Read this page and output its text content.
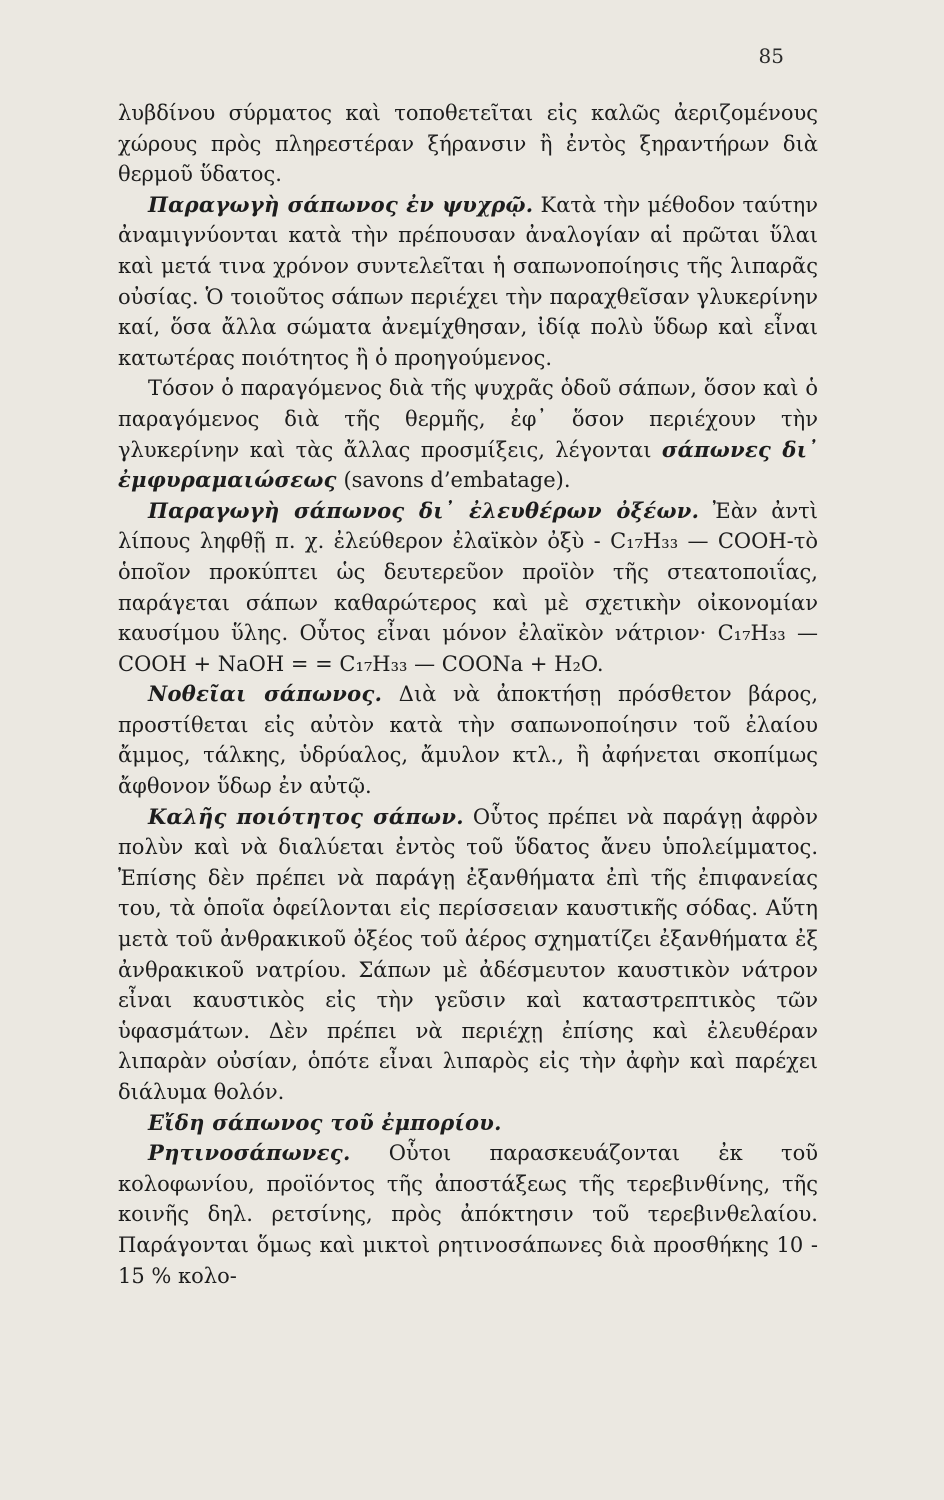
85

λυβδίνου σύρματος καὶ τοποθετεῖται εἰς καλῶς ἀεριζομένους χώρους πρὸς πληρεστέραν ξήρανσιν ἢ ἐντὸς ξηραντήρων διὰ θερμοῦ ὕδατος.

Παραγωγὴ σάπωνος ἐν ψυχρῷ. Κατὰ τὴν μέθοδον ταύτην ἀναμιγνύονται κατὰ τὴν πρέπουσαν ἀναλογίαν αἱ πρῶται ὕλαι καὶ μετά τινα χρόνον συντελεῖται ἡ σαπωνοποίησις τῆς λιπαρᾶς οὐσίας. Ὁ τοιοῦτος σάπων περιέχει τὴν παραχθεῖσαν γλυκερίνην καί, ὅσα ἄλλα σώματα ἀνεμίχθησαν, ἰδίᾳ πολὺ ὕδωρ καὶ εἶναι κατωτέρας ποιότητος ἢ ὁ προηγούμενος.

Τόσον ὁ παραγόμενος διὰ τῆς ψυχρᾶς ὁδοῦ σάπων, ὅσον καὶ ὁ παραγόμενος διὰ τῆς θερμῆς, ἐφ᾽ ὅσον περιέχουν τὴν γλυκερίνην καὶ τὰς ἄλλας προσμίξεις, λέγονται σάπωνες δι᾽ ἐμφυραμαιώσεως (savons d’embatage).

Παραγωγὴ σάπωνος δι᾽ ἐλευθέρων ὀξέων. Ἐὰν ἀντὶ λίπους ληφθῇ π. χ. ἐλεύθερον ἐλαϊκὸν ὀξὺ - C₁₇H₃₃ — COOH-τὸ ὁποῖον προκύπτει ὡς δευτερεῦον προϊὸν τῆς στεατοποιΐας, παράγεται σάπων καθαρώτερος καὶ μὲ σχετικὴν οἰκονομίαν καυσίμου ὕλης. Οὗτος εἶναι μόνον ἐλαϊκὸν νάτριον· C₁₇H₃₃ — COOH + NaOH = = C₁₇H₃₃ — COONa + H₂O.

Νοθεῖαι σάπωνος. Διὰ νὰ ἀποκτήσῃ πρόσθετον βάρος, προστίθεται εἰς αὐτὸν κατὰ τὴν σαπωνοποίησιν τοῦ ἐλαίου ἄμμος, τάλκης, ὑδρύαλος, ἄμυλον κτλ., ἢ ἀφήνεται σκοπίμως ἄφθονον ὕδωρ ἐν αὐτῷ.

Καλῆς ποιότητος σάπων. Οὗτος πρέπει νὰ παράγῃ ἀφρὸν πολὺν καὶ νὰ διαλύεται ἐντὸς τοῦ ὕδατος ἄνευ ὑπολείμματος. Ἐπίσης δὲν πρέπει νὰ παράγῃ ἐξανθήματα ἐπὶ τῆς ἐπιφανείας του, τὰ ὁποῖα ὀφείλονται εἰς περίσσειαν καυστικῆς σόδας. Αὕτη μετὰ τοῦ ἀνθρακικοῦ ὀξέος τοῦ ἀέρος σχηματίζει ἐξανθήματα ἐξ ἀνθρακικοῦ νατρίου. Σάπων μὲ ἀδέσμευτον καυστικὸν νάτρον εἶναι καυστικὸς εἰς τὴν γεῦσιν καὶ καταστρεπτικὸς τῶν ὑφασμάτων. Δὲν πρέπει νὰ περιέχῃ ἐπίσης καὶ ἐλευθέραν λιπαρὰν οὐσίαν, ὁπότε εἶναι λιπαρὸς εἰς τὴν ἀφὴν καὶ παρέχει διάλυμα θολόν.

Εἴδη σάπωνος τοῦ ἐμπορίου.

Ρητινοσάπωνες. Οὗτοι παρασκευάζονται ἐκ τοῦ κολοφωνίου, προϊόντος τῆς ἀποστάξεως τῆς τερεβινθίνης, τῆς κοινῆς δηλ. ρετσίνης, πρὸς ἀπόκτησιν τοῦ τερεβινθελαίου. Παράγονται ὅμως καὶ μικτοὶ ρητινοσάπωνες διὰ προσθήκης 10 - 15 % κολο-
